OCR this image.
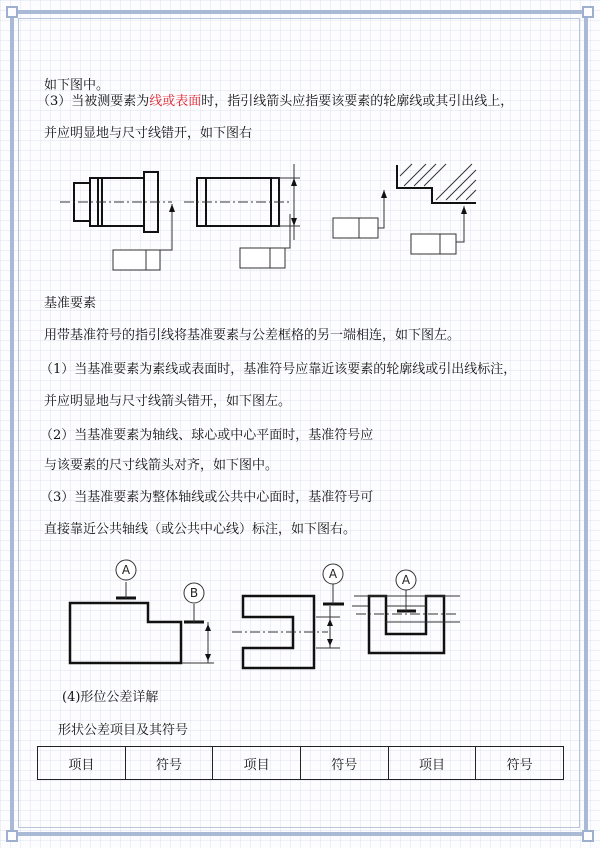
如下图中。
（3）当被测要素为线或表面时，指引线箭头应指要该要素的轮廓线或其引出线上，
并应明显地与尺寸线错开，如下图右
基准要素
用带基准符号的指引线将基准要素与公差框格的另一端相连，如下图左。
（1）当基准要素为素线或表面时，基准符号应靠近该要素的轮廓线或引出线标注，
并应明显地与尺寸线箭头错开，如下图左。
（2）当基准要素为轴线、球心或中心平面时，基准符号应
与该要素的尺寸线箭头对齐，如下图中。
（3）当基准要素为整体轴线或公共中心面时，基准符号可
直接靠近公共轴线（或公共中心线）标注，如下图右。
A
B
A	A
(4)形位公差详解
形状公差项目及其符号
项目	符号	项目	符号	项目	符号
